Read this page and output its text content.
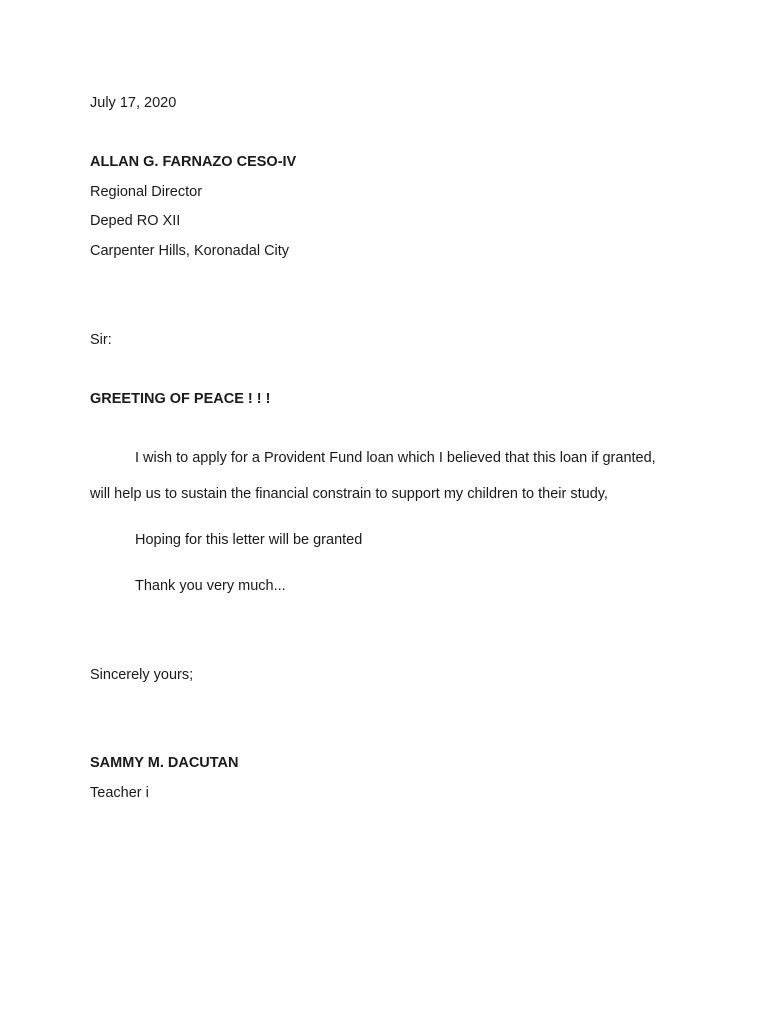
July 17, 2020
ALLAN G. FARNAZO CESO-IV
Regional Director
Deped RO XII
Carpenter Hills, Koronadal City
Sir:
GREETING OF PEACE ! ! !
I wish to apply for a Provident Fund loan which I believed that this loan if granted,
will help us to sustain the financial constrain to support my children to their study,
Hoping for this letter will be granted
Thank you very much...
Sincerely yours;
SAMMY M. DACUTAN
Teacher i
